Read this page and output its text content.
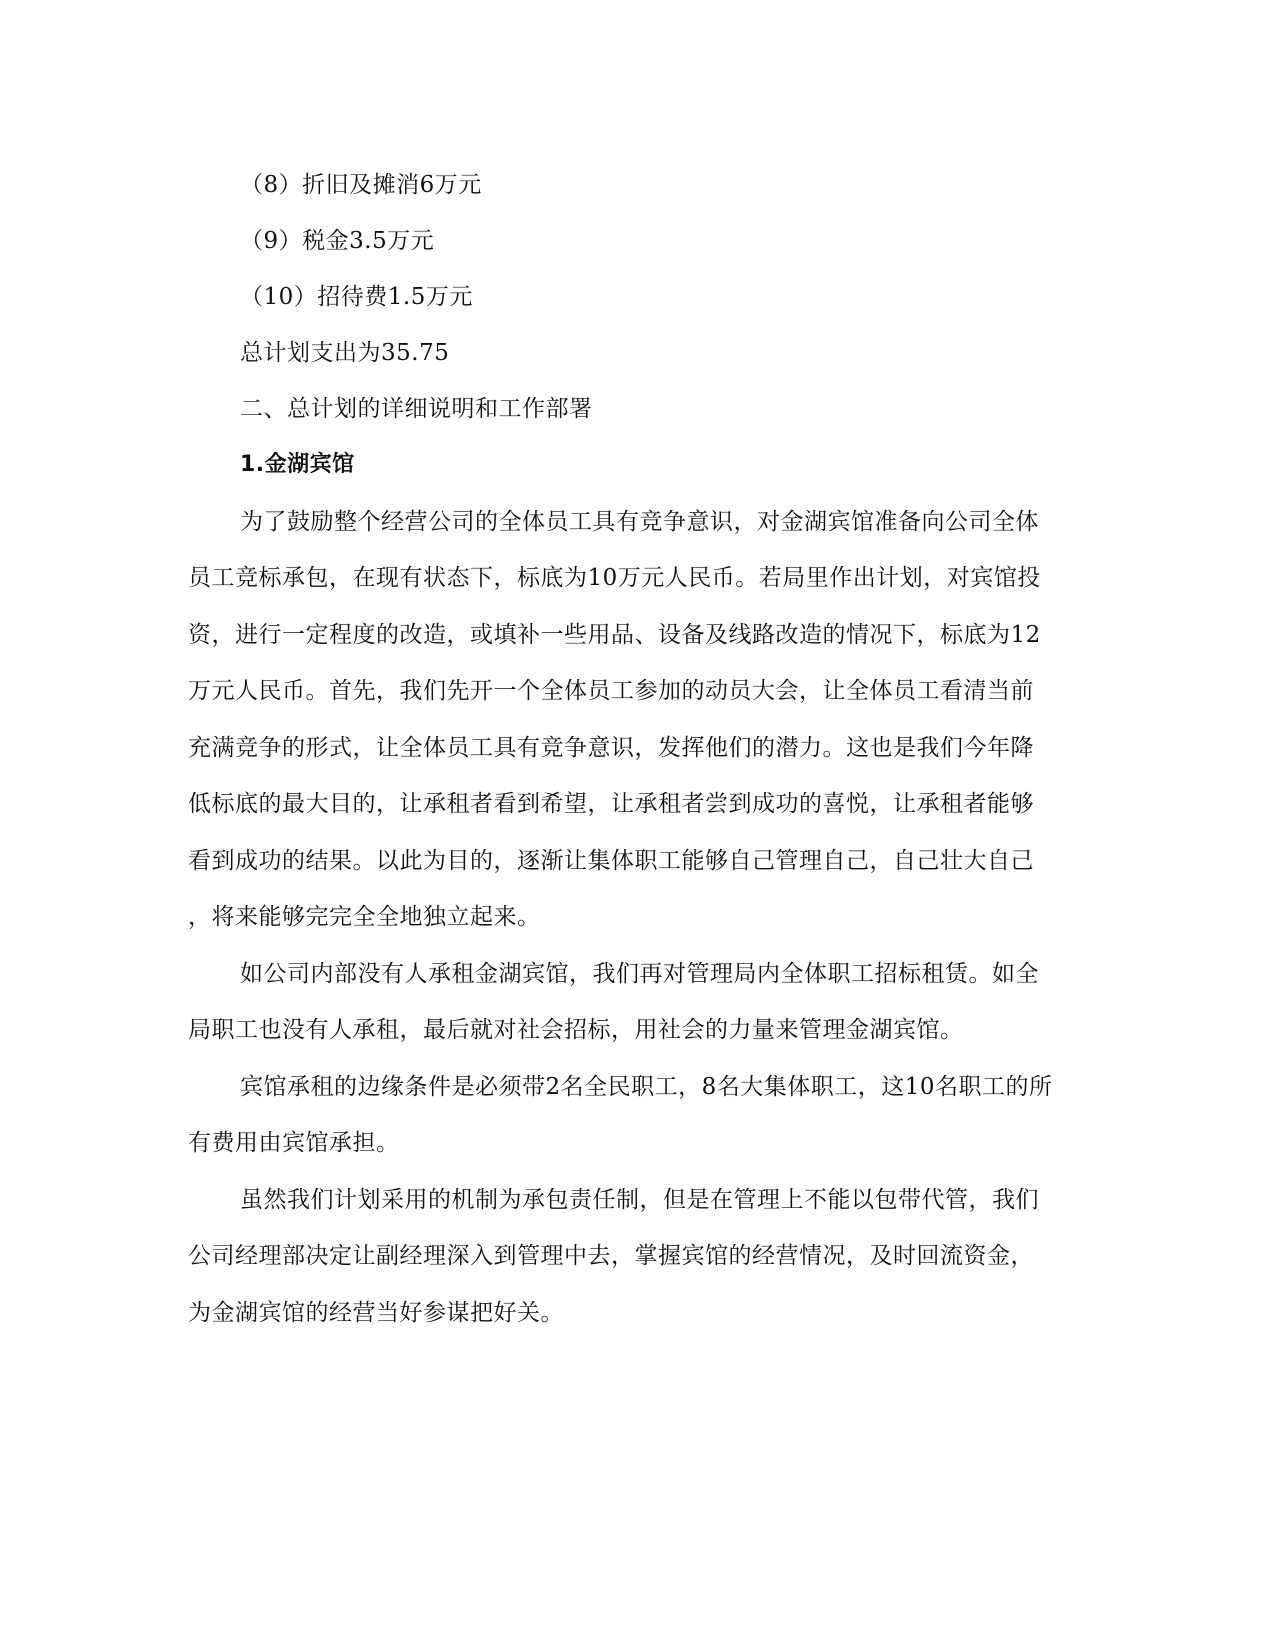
（8）折旧及摊消6万元
（9）税金3.5万元
（10）招待费1.5万元
总计划支出为35.75
二、总计划的详细说明和工作部署
1.金湖宾馆
为了鼓励整个经营公司的全体员工具有竞争意识，对金湖宾馆准备向公司全体
员工竞标承包，在现有状态下，标底为10万元人民币。若局里作出计划，对宾馆投
资，进行一定程度的改造，或填补一些用品、设备及线路改造的情况下，标底为12
万元人民币。首先，我们先开一个全体员工参加的动员大会，让全体员工看清当前
充满竞争的形式，让全体员工具有竞争意识，发挥他们的潜力。这也是我们今年降
低标底的最大目的，让承租者看到希望，让承租者尝到成功的喜悦，让承租者能够
看到成功的结果。以此为目的，逐渐让集体职工能够自己管理自己，自己壮大自己
，将来能够完完全全地独立起来。
如公司内部没有人承租金湖宾馆，我们再对管理局内全体职工招标租赁。如全
局职工也没有人承租，最后就对社会招标，用社会的力量来管理金湖宾馆。
宾馆承租的边缘条件是必须带2名全民职工，8名大集体职工，这10名职工的所
有费用由宾馆承担。
虽然我们计划采用的机制为承包责任制，但是在管理上不能以包带代管，我们
公司经理部决定让副经理深入到管理中去，掌握宾馆的经营情况，及时回流资金，
为金湖宾馆的经营当好参谋把好关。
